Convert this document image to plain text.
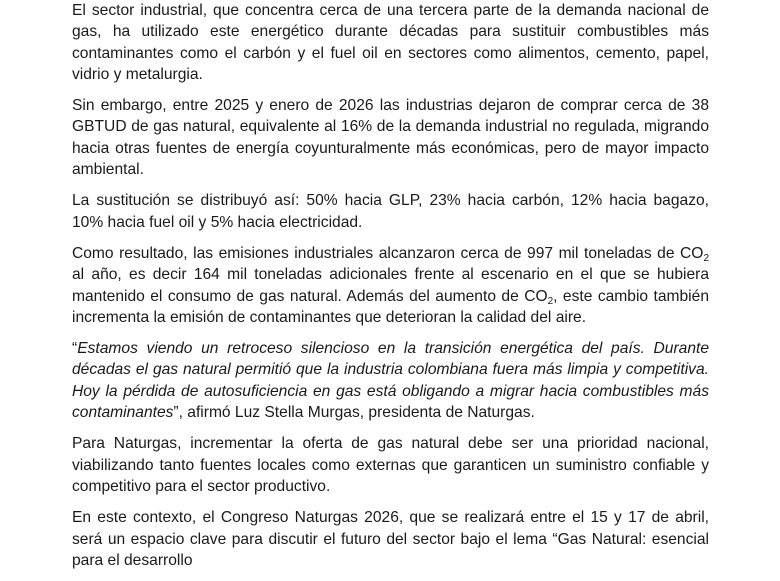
El sector industrial, que concentra cerca de una tercera parte de la demanda nacional de gas, ha utilizado este energético durante décadas para sustituir combustibles más contaminantes como el carbón y el fuel oil en sectores como alimentos, cemento, papel, vidrio y metalurgia.

Sin embargo, entre 2025 y enero de 2026 las industrias dejaron de comprar cerca de 38 GBTUD de gas natural, equivalente al 16% de la demanda industrial no regulada, migrando hacia otras fuentes de energía coyunturalmente más económicas, pero de mayor impacto ambiental.

La sustitución se distribuyó así: 50% hacia GLP, 23% hacia carbón, 12% hacia bagazo, 10% hacia fuel oil y 5% hacia electricidad.

Como resultado, las emisiones industriales alcanzaron cerca de 997 mil toneladas de $CO_2$ al año, es decir 164 mil toneladas adicionales frente al escenario en el que se hubiera mantenido el consumo de gas natural. Además del aumento de $CO_2$, este cambio también incrementa la emisión de contaminantes que deterioran la calidad del aire.

“Estamos viendo un retroceso silencioso en la transición energética del país. Durante décadas el gas natural permitió que la industria colombiana fuera más limpia y competitiva. Hoy la pérdida de autosuficiencia en gas está obligando a migrar hacia combustibles más contaminantes”, afirmó Luz Stella Murgas, presidenta de Naturgas.

Para Naturgas, incrementar la oferta de gas natural debe ser una prioridad nacional, viabilizando tanto fuentes locales como externas que garanticen un suministro confiable y competitivo para el sector productivo.

En este contexto, el Congreso Naturgas 2026, que se realizará entre el 15 y 17 de abril, será un espacio clave para discutir el futuro del sector bajo el lema “Gas Natural: esencial para el desarrollo
